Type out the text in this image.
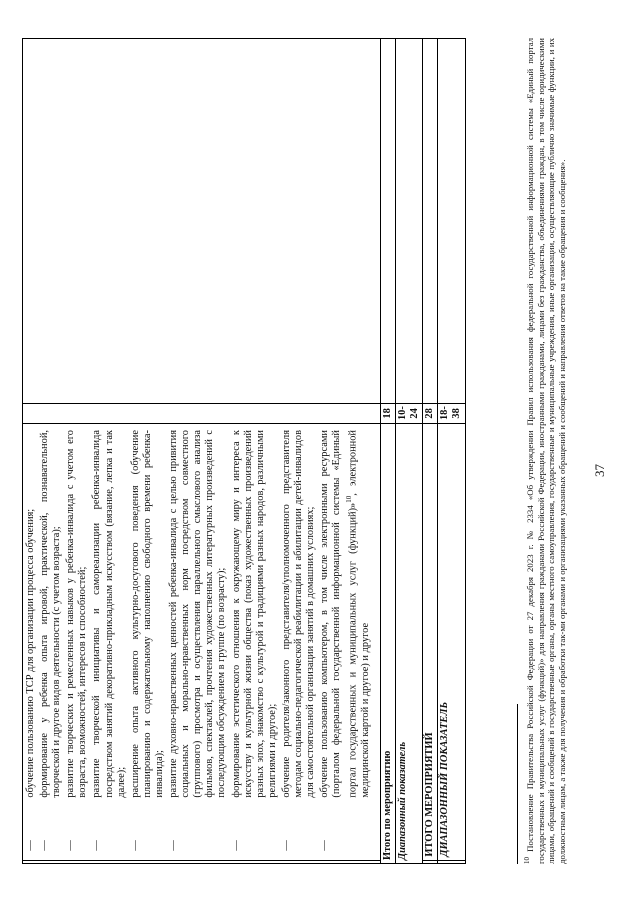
37

—	обучение пользованию ТСР для организации процесса обучения;
—	формирование у ребенка опыта игровой, практической, познавательной, творческой и другое видов деятельности (с учетом возраста);
—	развитие творческих и ремесленных навыков у ребенка-инвалида с учетом его возраста, возможностей, интересов и способностей;
—	развитие творческой инициативы и самореализации ребенка-инвалида посредством занятий декоративно-прикладным искусством (вязание, лепка и так далее);
—	расширение опыта активного культурно-досугового поведения (обучение планированию и содержательному наполнению свободного времени ребенка-инвалида);
—	развитие духовно-нравственных ценностей ребенка-инвалида с целью привития социальных и морально-нравственных норм посредством совместного (группового) просмотра и осуществления параллельного смыслового анализа фильмов, спектаклей, прочтения художественных литературных произведений с последующим обсуждением в группе (по возрасту);
—	формирование эстетического отношения к окружающему миру и интереса к искусству и культурной жизни общества (показ художественных произведений разных эпох, знакомство с культурой и традициями разных народов, различными религиями и другое);
—	обучение родителя/законного представителя/уполномоченного представителя методам социально-педагогической реабилитации и абилитации детей-инвалидов для самостоятельной организации занятий в домашних условиях;
—	обучение пользованию компьютером, в том числе электронными ресурсами (порталом федеральной государственной информационной системы «Единый портал государственных и муниципальных услуг (функций)»$^{10}$, электронной медицинской картой и другое) и другое

Итого по мероприятию	18	
Диапазонный показатель	10-24	
	ИТОГО МЕРОПРИЯТИЙ	28	
	ДИАПАЗОННЫЙ ПОКАЗАТЕЛЬ	18-38	
$^{10}$ Постановление Правительства Российской Федерации от 27 декабря 2023 г. № 2334 «Об утверждении Правил использования федеральной государственной информационной системы «Единый портал государственных и муниципальных услуг (функций)» для направления гражданами Российской Федерации, иностранными гражданами, лицами без гражданства, объединениями граждан, в том числе юридическими лицами, обращений и сообщений в государственные органы, органы местного самоуправления, государственные и муниципальные учреждения, иные организации, осуществляющие публично значимые функции, и их должностным лицам, а также для получения и обработки так-ми органами и организациями указанных обращений и сообщений и направления ответов на такие обращения и сообщения».
